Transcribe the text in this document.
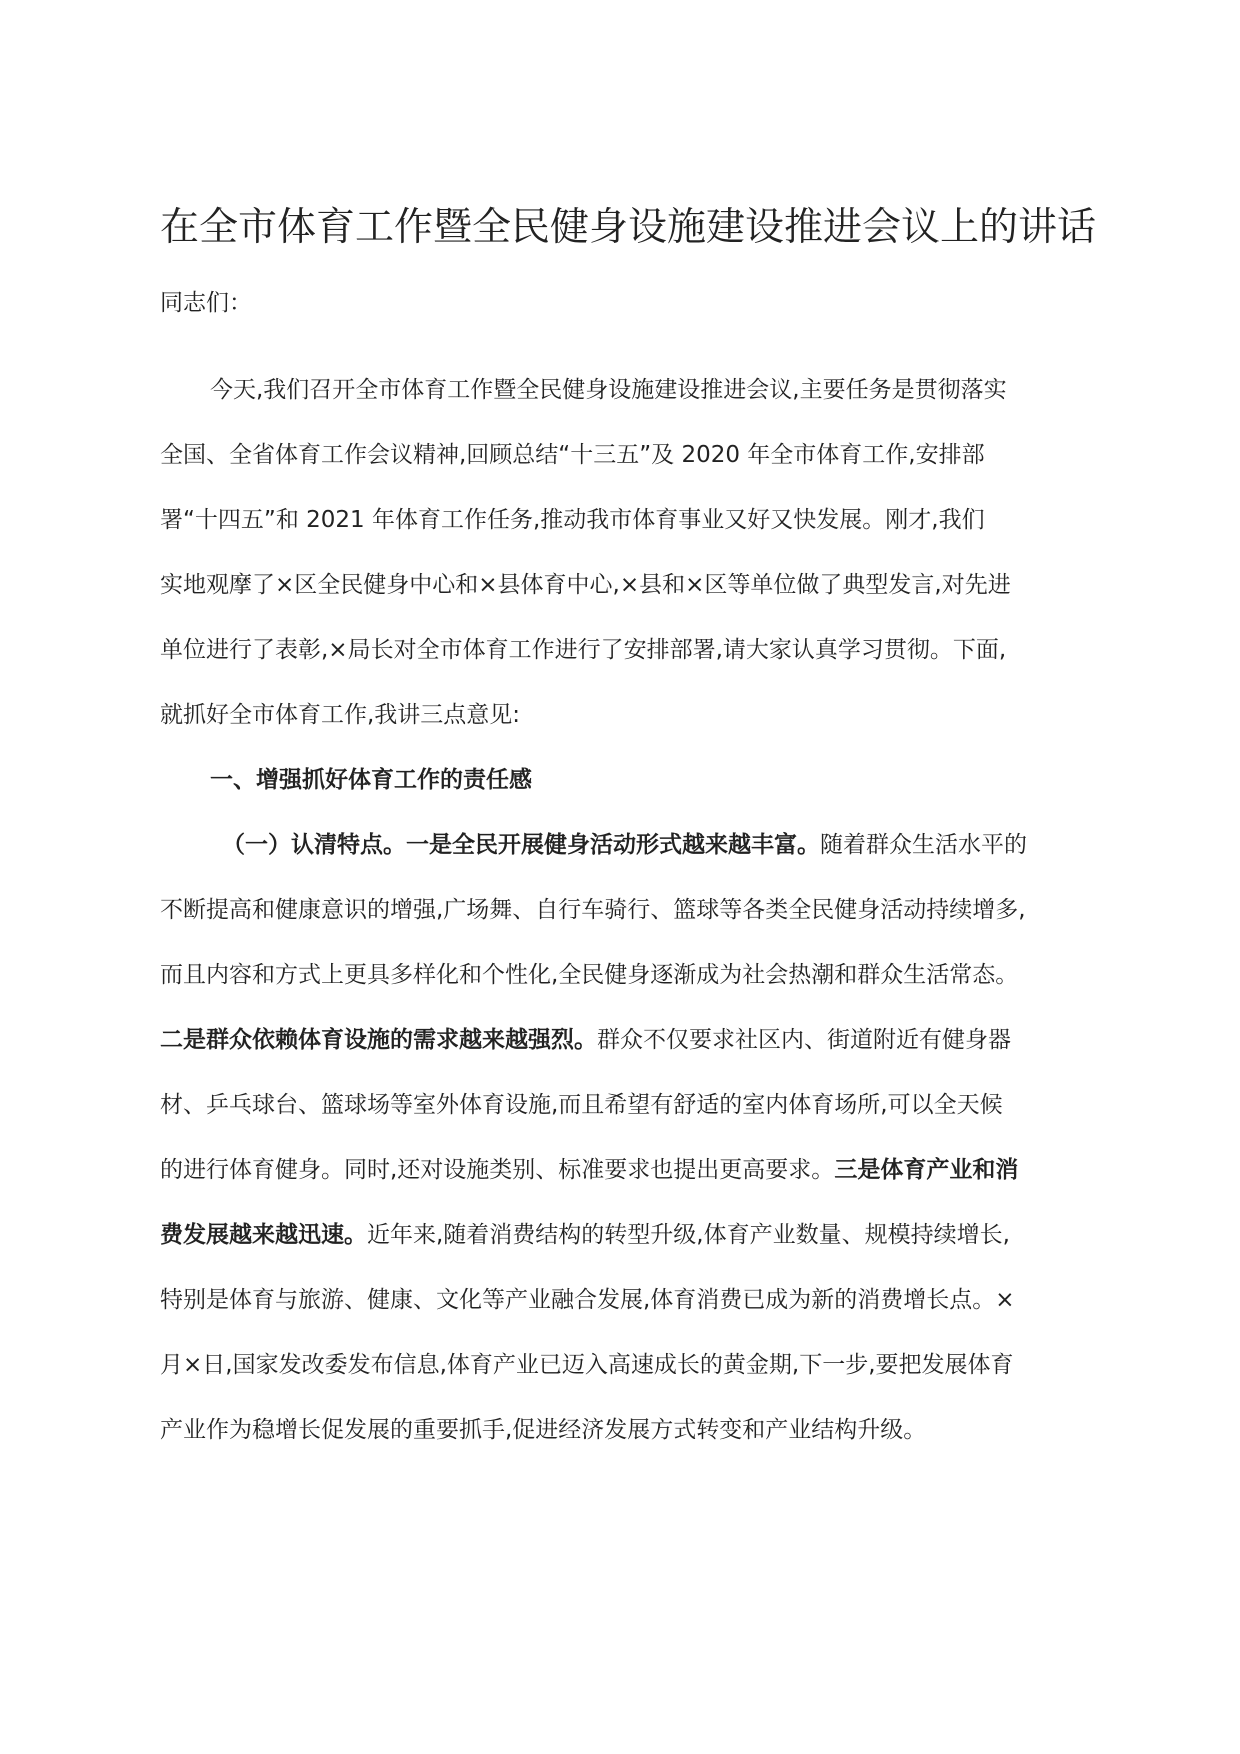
在全市体育工作暨全民健身设施建设推进会议上的讲话

同志们：

今天,我们召开全市体育工作暨全民健身设施建设推进会议,主要任务是贯彻落实
全国、全省体育工作会议精神,回顾总结“十三五”及 2020 年全市体育工作,安排部
署“十四五”和 2021 年体育工作任务,推动我市体育事业又好又快发展。刚才,我们
实地观摩了×区全民健身中心和×县体育中心,×县和×区等单位做了典型发言,对先进
单位进行了表彰,×局长对全市体育工作进行了安排部署,请大家认真学习贯彻。下面,
就抓好全市体育工作,我讲三点意见:
一、增强抓好体育工作的责任感
（一）认清特点。一是全民开展健身活动形式越来越丰富。随着群众生活水平的
不断提高和健康意识的增强,广场舞、自行车骑行、篮球等各类全民健身活动持续增多,
而且内容和方式上更具多样化和个性化,全民健身逐渐成为社会热潮和群众生活常态。
二是群众依赖体育设施的需求越来越强烈。群众不仅要求社区内、街道附近有健身器
材、乒乓球台、篮球场等室外体育设施,而且希望有舒适的室内体育场所,可以全天候
的进行体育健身。同时,还对设施类别、标准要求也提出更高要求。三是体育产业和消
费发展越来越迅速。近年来,随着消费结构的转型升级,体育产业数量、规模持续增长,
特别是体育与旅游、健康、文化等产业融合发展,体育消费已成为新的消费增长点。×
月×日,国家发改委发布信息,体育产业已迈入高速成长的黄金期,下一步,要把发展体育
产业作为稳增长促发展的重要抓手,促进经济发展方式转变和产业结构升级。
